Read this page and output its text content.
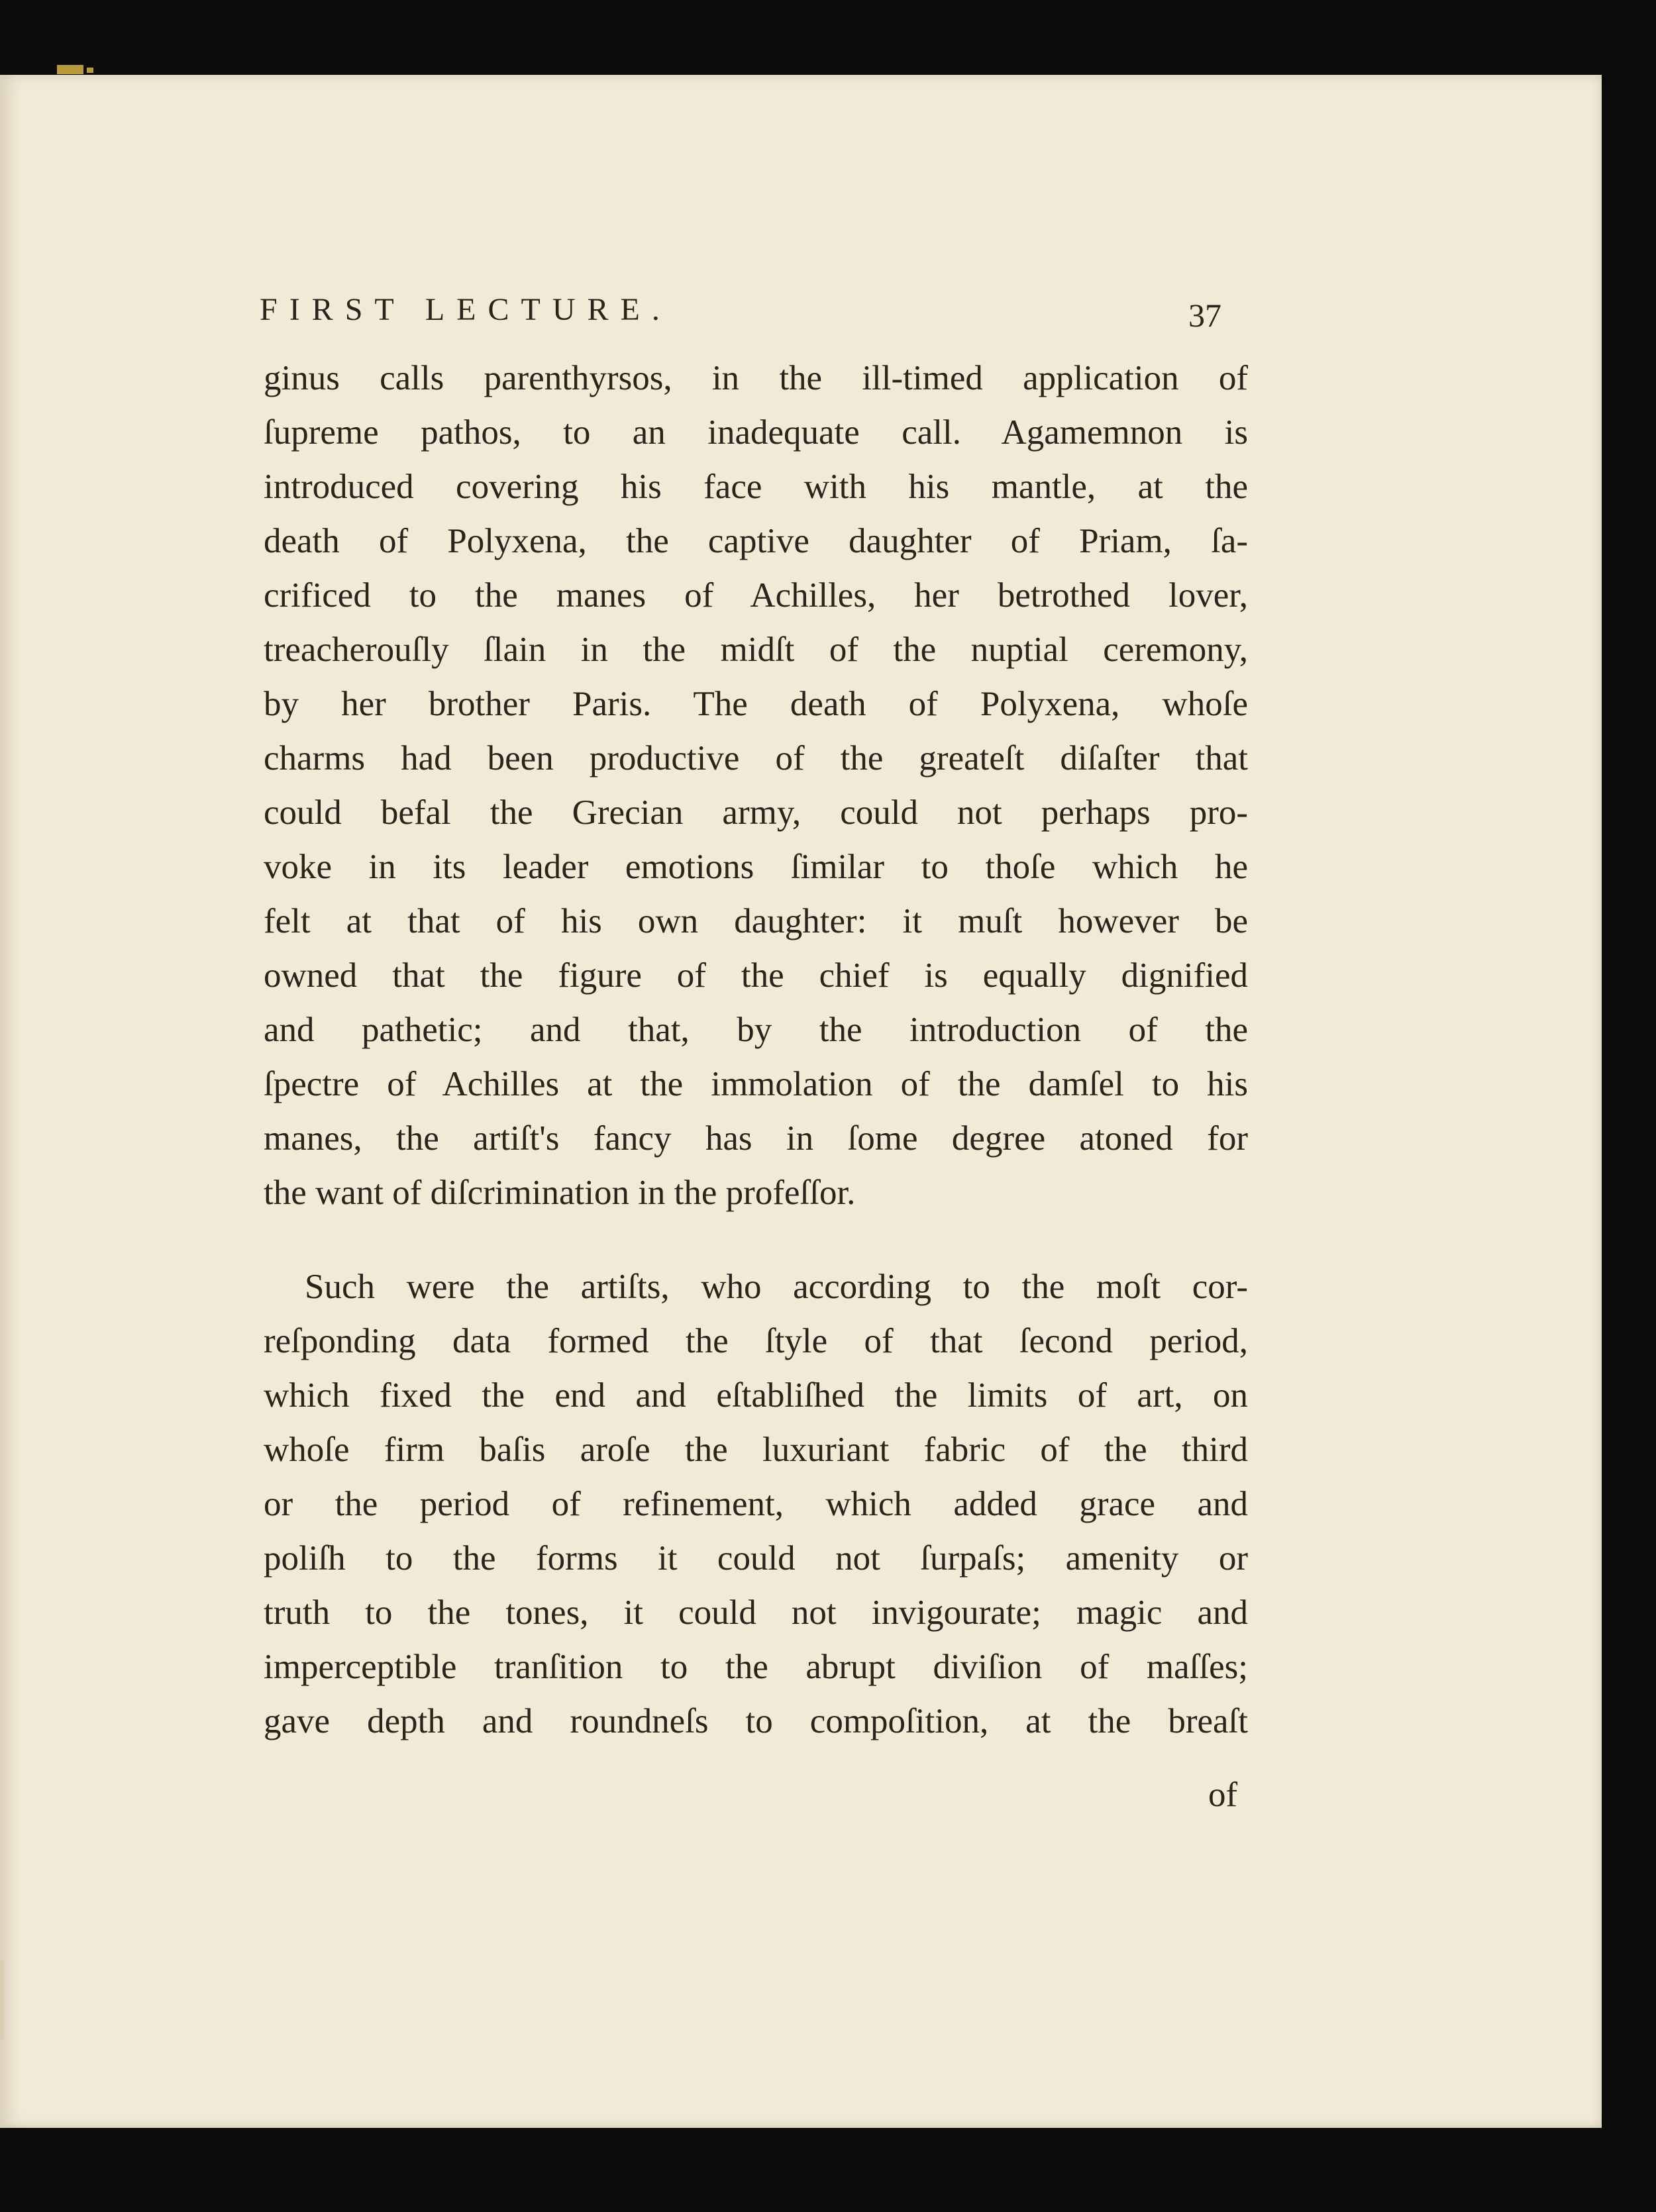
FIRST LECTURE.	37
ginus calls parenthyrsos, in the ill-timed application of
ſupreme pathos, to an inadequate call. Agamemnon is
introduced covering his face with his mantle, at the
death of Polyxena, the captive daughter of Priam, ſa-
crificed to the manes of Achilles, her betrothed lover,
treacherouſly ſlain in the midſt of the nuptial ceremony,
by her brother Paris. The death of Polyxena, whoſe
charms had been productive of the greateſt diſaſter that
could befal the Grecian army, could not perhaps pro-
voke in its leader emotions ſimilar to thoſe which he
felt at that of his own daughter: it muſt however be
owned that the figure of the chief is equally dignified
and pathetic; and that, by the introduction of the
ſpectre of Achilles at the immolation of the damſel to his
manes, the artiſt's fancy has in ſome degree atoned for
the want of diſcrimination in the profeſſor.
Such were the artiſts, who according to the moſt cor-
reſponding data formed the ſtyle of that ſecond period,
which fixed the end and eſtabliſhed the limits of art, on
whoſe firm baſis aroſe the luxuriant fabric of the third
or the period of refinement, which added grace and
poliſh to the forms it could not ſurpaſs; amenity or
truth to the tones, it could not invigourate; magic and
imperceptible tranſition to the abrupt diviſion of maſſes;
gave depth and roundneſs to compoſition, at the breaſt
of
